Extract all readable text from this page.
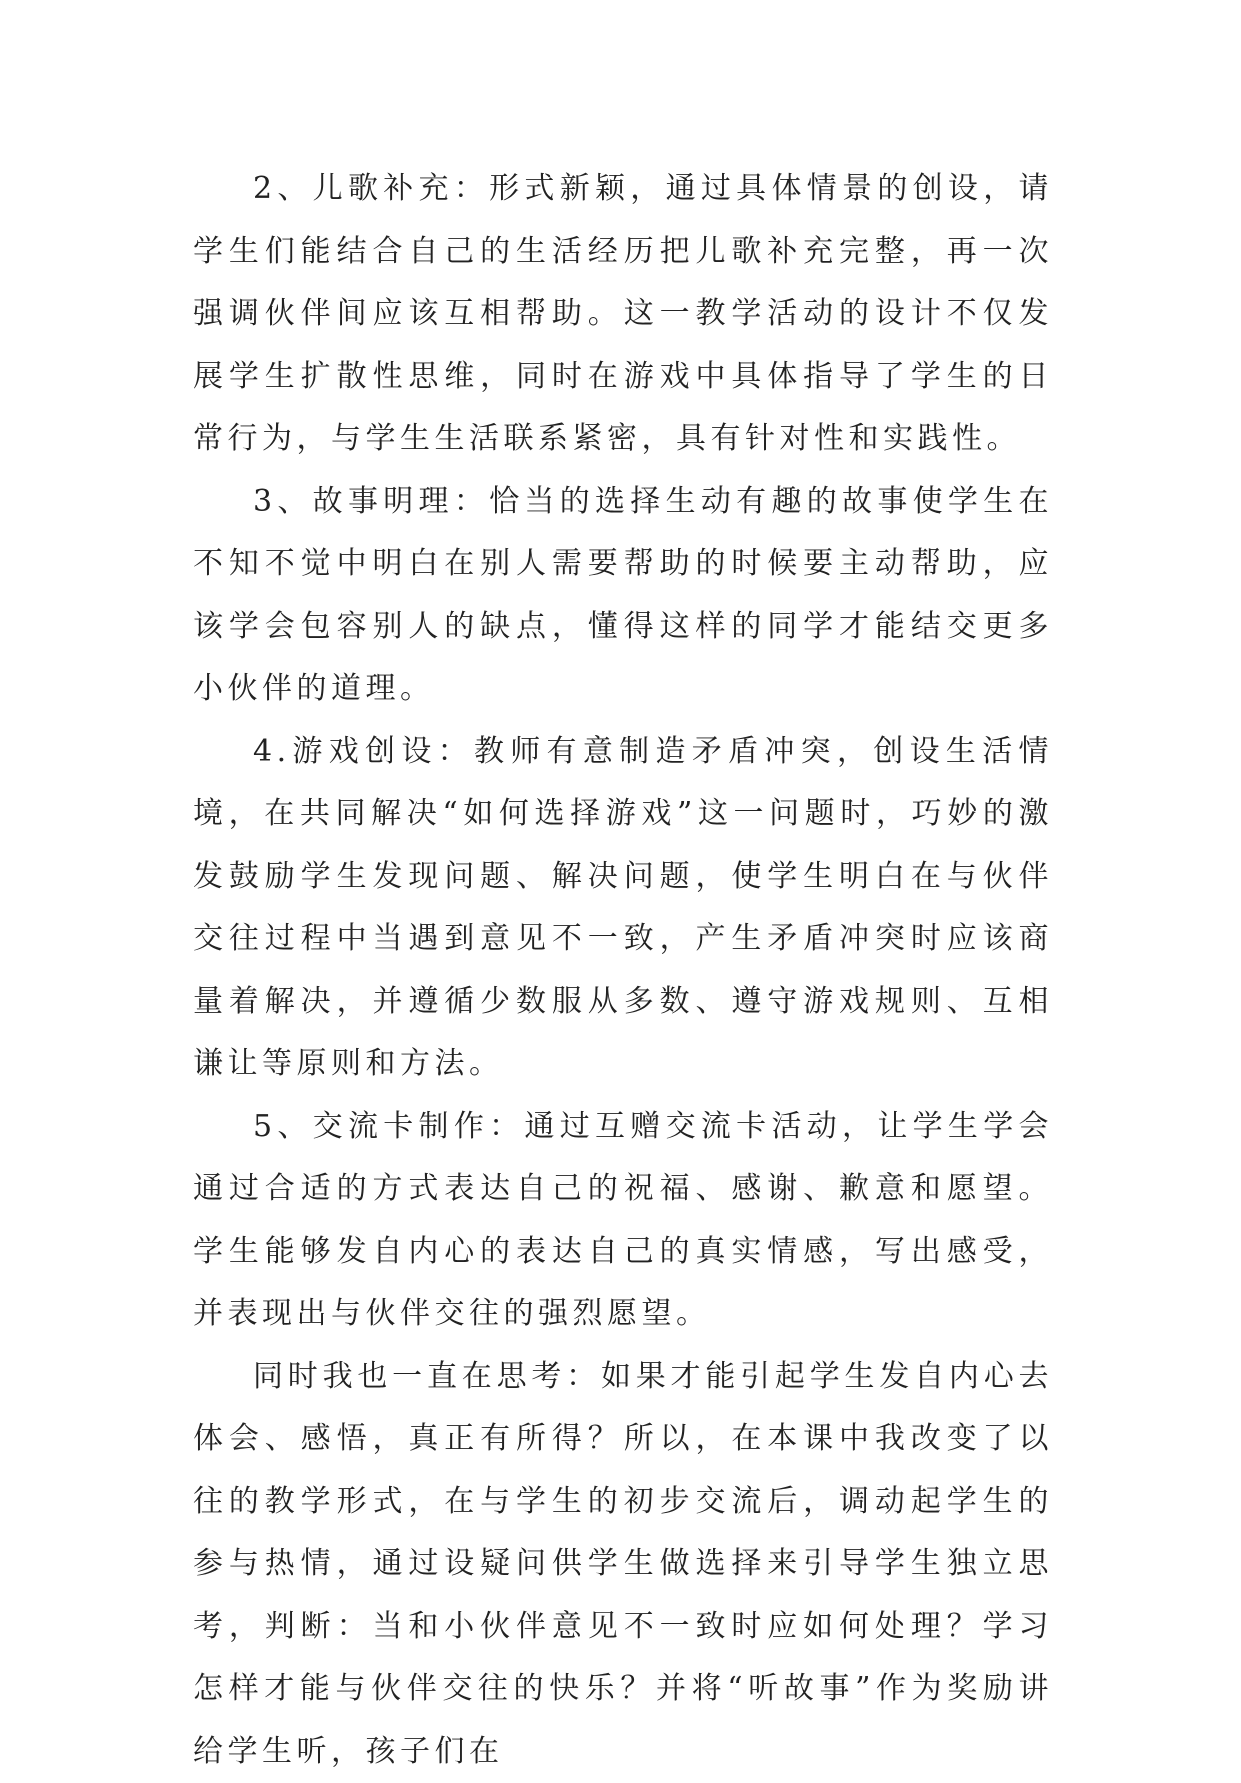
2、儿歌补充：形式新颖，通过具体情景的创设，请学生们能结合自己的生活经历把儿歌补充完整，再一次强调伙伴间应该互相帮助。这一教学活动的设计不仅发展学生扩散性思维，同时在游戏中具体指导了学生的日常行为，与学生生活联系紧密，具有针对性和实践性。

3、故事明理：恰当的选择生动有趣的故事使学生在不知不觉中明白在别人需要帮助的时候要主动帮助，应该学会包容别人的缺点，懂得这样的同学才能结交更多小伙伴的道理。

4.游戏创设：教师有意制造矛盾冲突，创设生活情境，在共同解决“如何选择游戏”这一问题时，巧妙的激发鼓励学生发现问题、解决问题，使学生明白在与伙伴交往过程中当遇到意见不一致，产生矛盾冲突时应该商量着解决，并遵循少数服从多数、遵守游戏规则、互相谦让等原则和方法。

5、交流卡制作：通过互赠交流卡活动，让学生学会通过合适的方式表达自己的祝福、感谢、歉意和愿望。学生能够发自内心的表达自己的真实情感，写出感受，并表现出与伙伴交往的强烈愿望。

同时我也一直在思考：如果才能引起学生发自内心去体会、感悟，真正有所得？所以，在本课中我改变了以往的教学形式，在与学生的初步交流后，调动起学生的参与热情，通过设疑问供学生做选择来引导学生独立思考，判断：当和小伙伴意见不一致时应如何处理？学习怎样才能与伙伴交往的快乐？并将“听故事”作为奖励讲给学生听，孩子们在
